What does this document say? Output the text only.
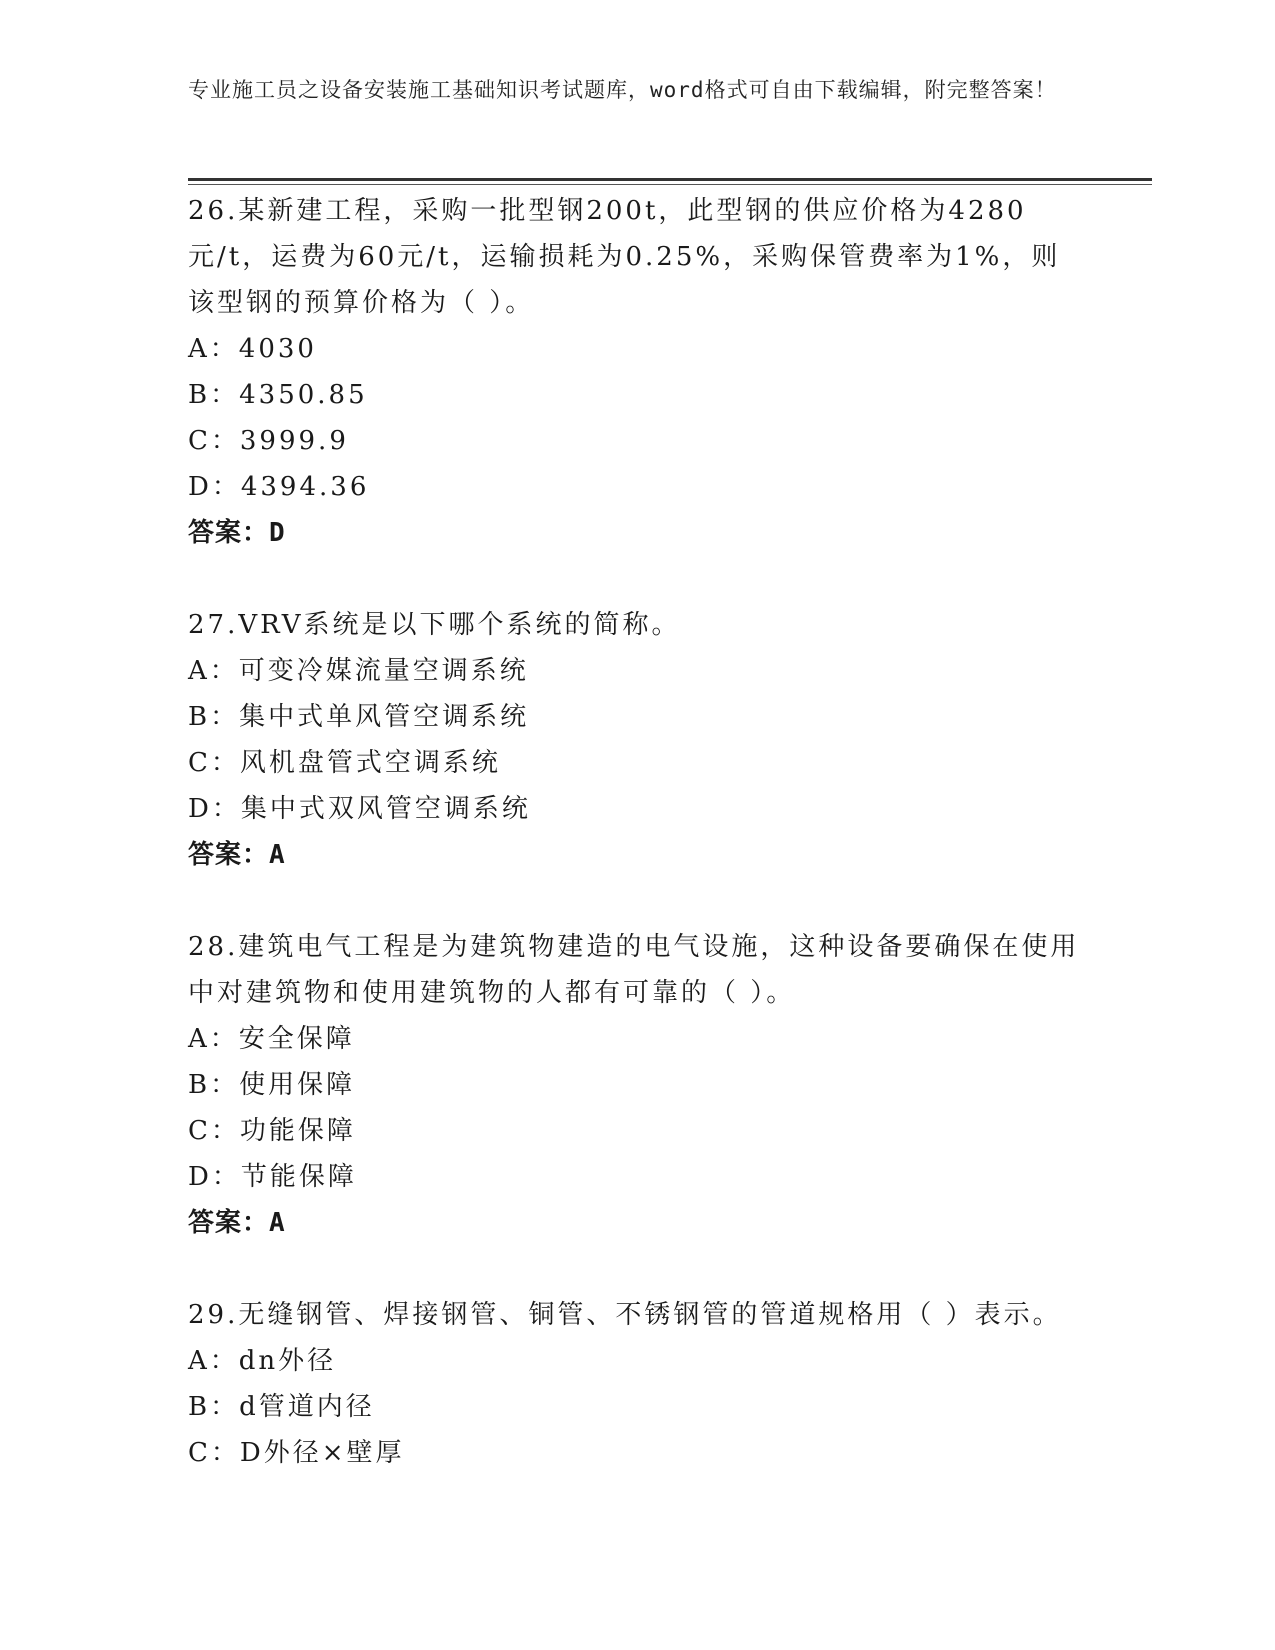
专业施工员之设备安装施工基础知识考试题库，word格式可自由下载编辑，附完整答案！

26.某新建工程，采购一批型钢200t，此型钢的供应价格为4280元/t，运费为60元/t，运输损耗为0.25%，采购保管费率为1%，则该型钢的预算价格为（ ）。

A：4030

B：4350.85

C：3999.9

D：4394.36

答案：D

27.VRV系统是以下哪个系统的简称。

A：可变冷媒流量空调系统

B：集中式单风管空调系统

C：风机盘管式空调系统

D：集中式双风管空调系统

答案：A

28.建筑电气工程是为建筑物建造的电气设施，这种设备要确保在使用中对建筑物和使用建筑物的人都有可靠的（ ）。

A：安全保障

B：使用保障

C：功能保障

D：节能保障

答案：A

29.无缝钢管、焊接钢管、铜管、不锈钢管的管道规格用（ ）表示。

A：dn外径

B：d管道内径

C：D外径×壁厚
